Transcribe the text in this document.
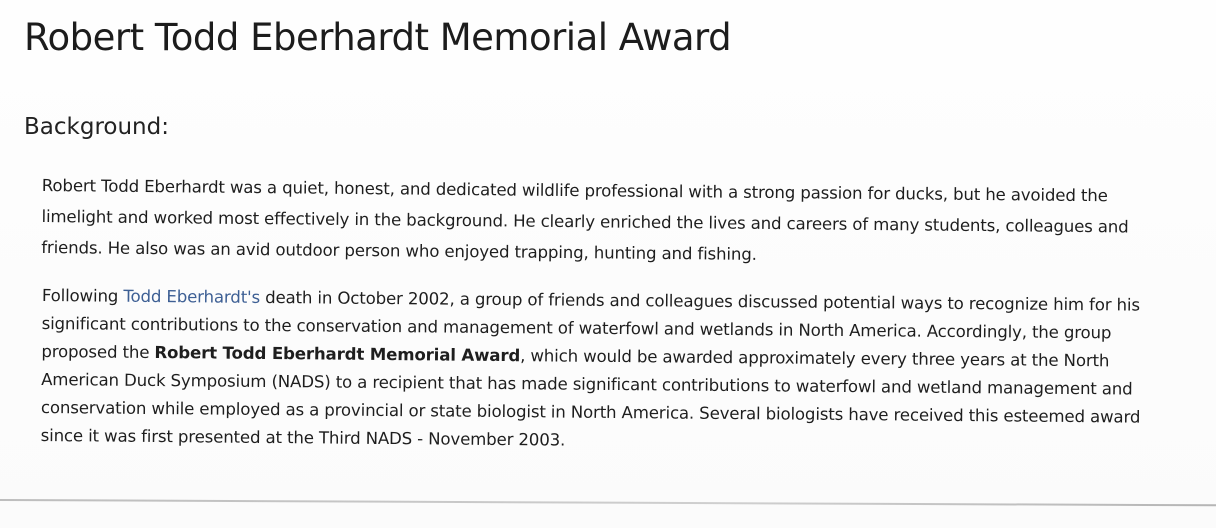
Robert Todd Eberhardt Memorial Award
Background:

Robert Todd Eberhardt was a quiet, honest, and dedicated wildlife professional with a strong passion for ducks, but he avoided the
limelight and worked most effectively in the background. He clearly enriched the lives and careers of many students, colleagues and
friends. He also was an avid outdoor person who enjoyed trapping, hunting and fishing.

Following Todd Eberhardt's death in October 2002, a group of friends and colleagues discussed potential ways to recognize him for his
significant contributions to the conservation and management of waterfowl and wetlands in North America. Accordingly, the group
proposed the Robert Todd Eberhardt Memorial Award, which would be awarded approximately every three years at the North
American Duck Symposium (NADS) to a recipient that has made significant contributions to waterfowl and wetland management and
conservation while employed as a provincial or state biologist in North America. Several biologists have received this esteemed award
since it was first presented at the Third NADS - November 2003.
